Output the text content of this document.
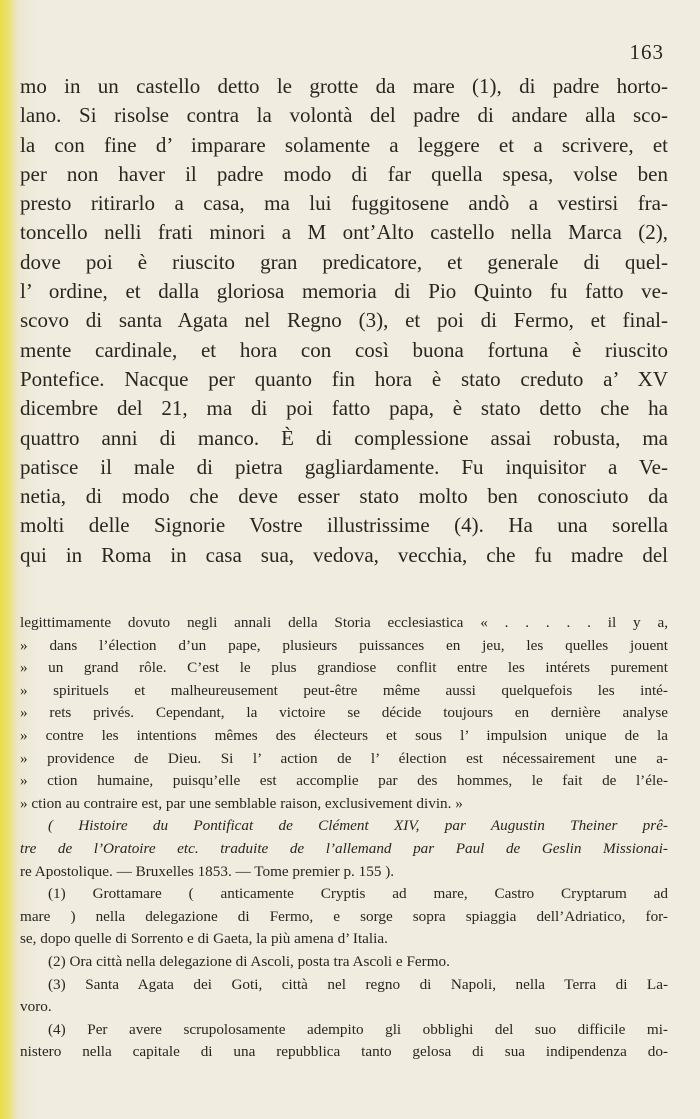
163
mo in un castello detto le grotte da mare (1), di padre horto-
lano. Si risolse contra la volontà del padre di andare alla sco-
la con fine d’ imparare solamente a leggere et a scrivere, et
per non haver il padre modo di far quella spesa, volse ben
presto ritirarlo a casa, ma lui fuggitosene andò a vestirsi fra-
toncello nelli frati minori a M ont’Alto castello nella Marca (2),
dove poi è riuscito gran predicatore, et generale di quel-
l’ ordine, et dalla gloriosa memoria di Pio Quinto fu fatto ve-
scovo di santa Agata nel Regno (3), et poi di Fermo, et final-
mente cardinale, et hora con così buona fortuna è riuscito
Pontefice. Nacque per quanto fin hora è stato creduto a’ XV
dicembre del 21, ma di poi fatto papa, è stato detto che ha
quattro anni di manco. È di complessione assai robusta, ma
patisce il male di pietra gagliardamente. Fu inquisitor a Ve-
netia, di modo che deve esser stato molto ben conosciuto da
molti delle Signorie Vostre illustrissime (4). Ha una sorella
qui in Roma in casa sua, vedova, vecchia, che fu madre del
legittimamente dovuto negli annali della Storia ecclesiastica « . . . . . il y a,
» dans l’élection d’un pape, plusieurs puissances en jeu, les quelles jouent
» un grand rôle. C’est le plus grandiose conflit entre les intérets purement
» spirituels et malheureusement peut-être même aussi quelquefois les inté-
» rets privés. Cependant, la victoire se décide toujours en dernière analyse
» contre les intentions mêmes des électeurs et sous l’ impulsion unique de la
» providence de Dieu. Si l’ action de l’ élection est nécessairement une a-
» ction humaine, puisqu’elle est accomplie par des hommes, le fait de l’éle-
» ction au contraire est, par une semblable raison, exclusivement divin. »
( Histoire du Pontificat de Clément XIV, par Augustin Theiner prê-
tre de l’Oratoire etc. traduite de l’allemand par Paul de Geslin Missionai-
re Apostolique. — Bruxelles 1853. — Tome premier p. 155 ).
(1) Grottamare ( anticamente Cryptis ad mare, Castro Cryptarum ad
mare ) nella delegazione di Fermo, e sorge sopra spiaggia dell’Adriatico, for-
se, dopo quelle di Sorrento e di Gaeta, la più amena d’ Italia.
(2) Ora città nella delegazione di Ascoli, posta tra Ascoli e Fermo.
(3) Santa Agata dei Goti, città nel regno di Napoli, nella Terra di La-
voro.
(4) Per avere scrupolosamente adempito gli obblighi del suo difficile mi-
nistero nella capitale di una repubblica tanto gelosa di sua indipendenza do-
